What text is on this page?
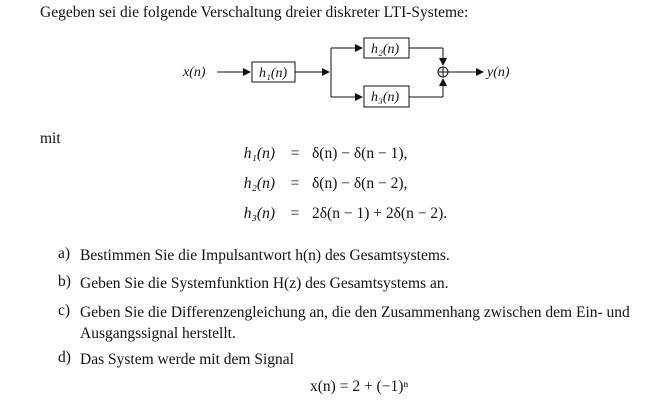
Gegeben sei die folgende Verschaltung dreier diskreter LTI-Systeme:
x(n)	h₁(n)
h₂(n)
h₃(n)
y(n)
mit
h₁(n)	= δ(n) − δ(n − 1),
h₂(n)	= δ(n) − δ(n − 2),
h₃(n)	= 2δ(n − 1) + 2δ(n − 2).
a) Bestimmen Sie die Impulsantwort h(n) des Gesamtsystems.
b) Geben Sie die Systemfunktion H(z) des Gesamtsystems an.
c) Geben Sie die Differenzengleichung an, die den Zusammenhang zwischen dem Ein- und Ausgangssignal herstellt.
d) Das System werde mit dem Signal
x(n) = 2 + (−1)ⁿ
